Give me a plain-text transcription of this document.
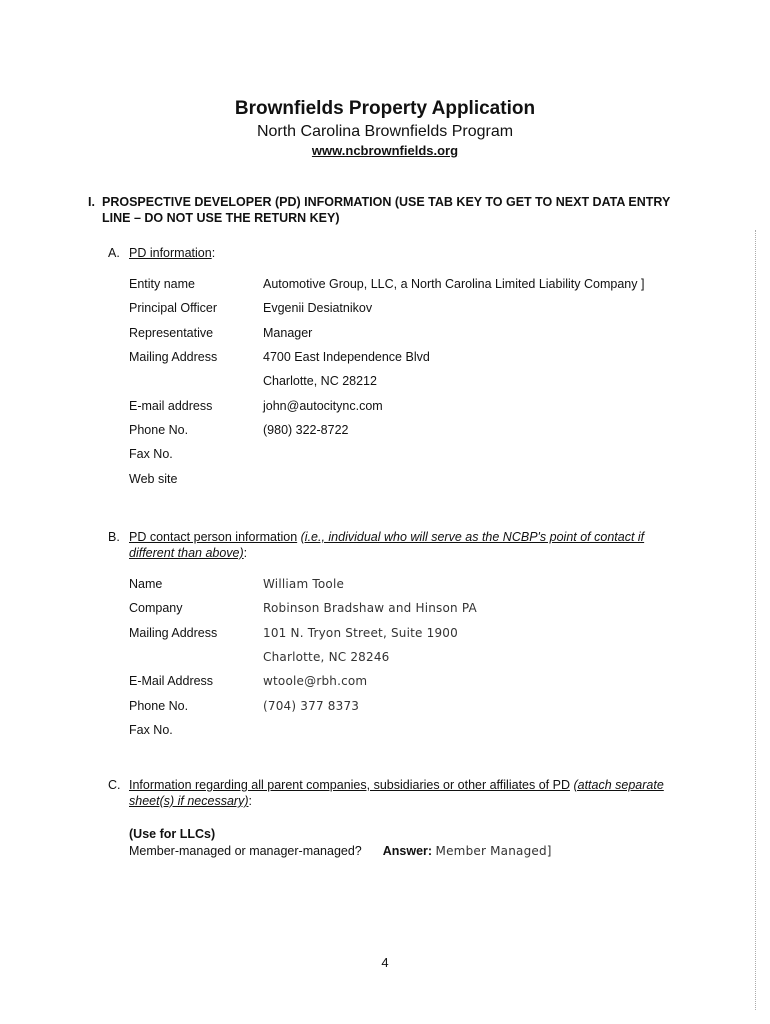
Brownfields Property Application
North Carolina Brownfields Program
www.ncbrownfields.org
I. PROSPECTIVE DEVELOPER (PD) INFORMATION (USE TAB KEY TO GET TO NEXT DATA ENTRY LINE – DO NOT USE THE RETURN KEY)
A. PD information:
Entity name	Automotive Group, LLC, a North Carolina Limited Liability Company ]
Principal Officer	Evgenii Desiatnikov
Representative	Manager
Mailing Address	4700 East Independence Blvd
Charlotte, NC 28212
E-mail address	john@autocitync.com
Phone No.	(980) 322-8722
Fax No.
Web site
B. PD contact person information (i.e., individual who will serve as the NCBP's point of contact if different than above):
Name	William Toole
Company	Robinson Bradshaw and Hinson PA
Mailing Address	101 N. Tryon Street, Suite 1900
Charlotte, NC 28246
E-Mail Address	wtoole@rbh.com
Phone No.	(704) 377 8373
Fax No.
C. Information regarding all parent companies, subsidiaries or other affiliates of PD (attach separate sheet(s) if necessary):
(Use for LLCs)
Member-managed or manager-managed? Answer: Member Managed]
4
